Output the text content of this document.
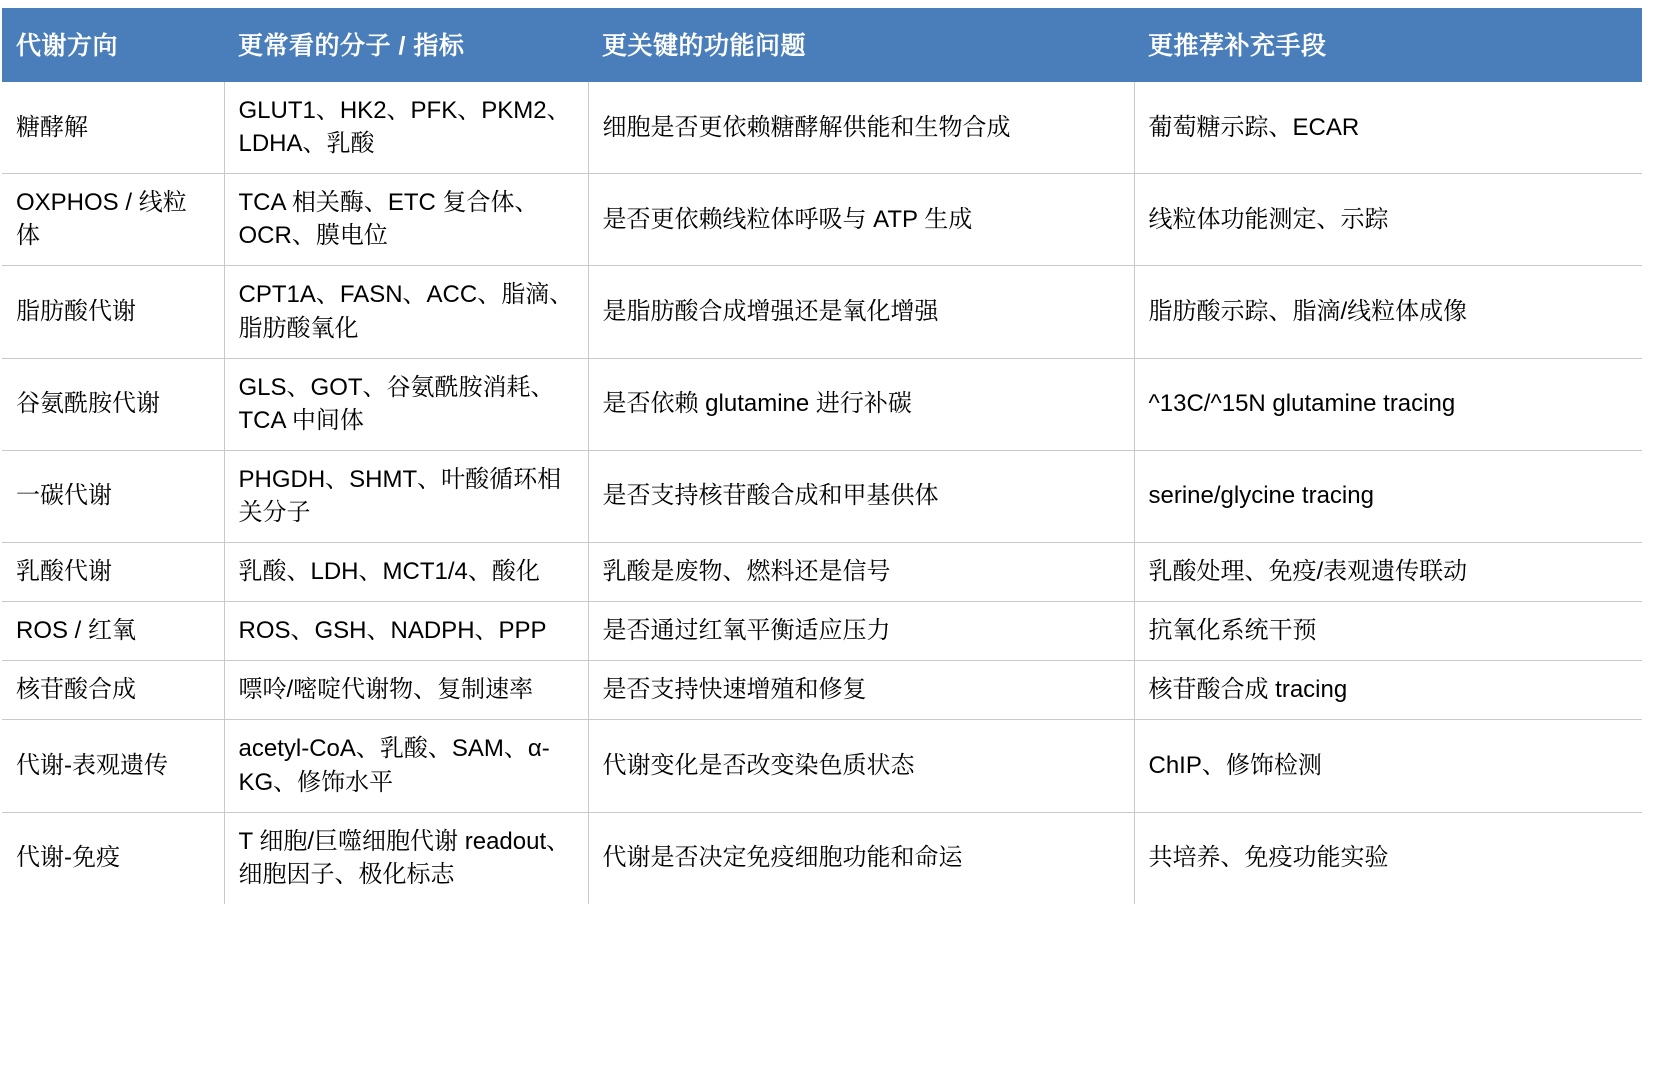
代谢方向	更常看的分子 / 指标	更关键的功能问题	更推荐补充手段
糖酵解	GLUT1、HK2、PFK、PKM2、LDHA、乳酸	细胞是否更依赖糖酵解供能和生物合成	葡萄糖示踪、ECAR
OXPHOS / 线粒体	TCA 相关酶、ETC 复合体、OCR、膜电位	是否更依赖线粒体呼吸与 ATP 生成	线粒体功能测定、示踪
脂肪酸代谢	CPT1A、FASN、ACC、脂滴、脂肪酸氧化	是脂肪酸合成增强还是氧化增强	脂肪酸示踪、脂滴/线粒体成像
谷氨酰胺代谢	GLS、GOT、谷氨酰胺消耗、TCA 中间体	是否依赖 glutamine 进行补碳	^13C/^15N glutamine tracing
一碳代谢	PHGDH、SHMT、叶酸循环相关分子	是否支持核苷酸合成和甲基供体	serine/glycine tracing
乳酸代谢	乳酸、LDH、MCT1/4、酸化	乳酸是废物、燃料还是信号	乳酸处理、免疫/表观遗传联动
ROS / 红氧	ROS、GSH、NADPH、PPP	是否通过红氧平衡适应压力	抗氧化系统干预
核苷酸合成	嘌呤/嘧啶代谢物、复制速率	是否支持快速增殖和修复	核苷酸合成 tracing
代谢-表观遗传	acetyl-CoA、乳酸、SAM、α-KG、修饰水平	代谢变化是否改变染色质状态	ChIP、修饰检测
代谢-免疫	T 细胞/巨噬细胞代谢 readout、细胞因子、极化标志	代谢是否决定免疫细胞功能和命运	共培养、免疫功能实验
